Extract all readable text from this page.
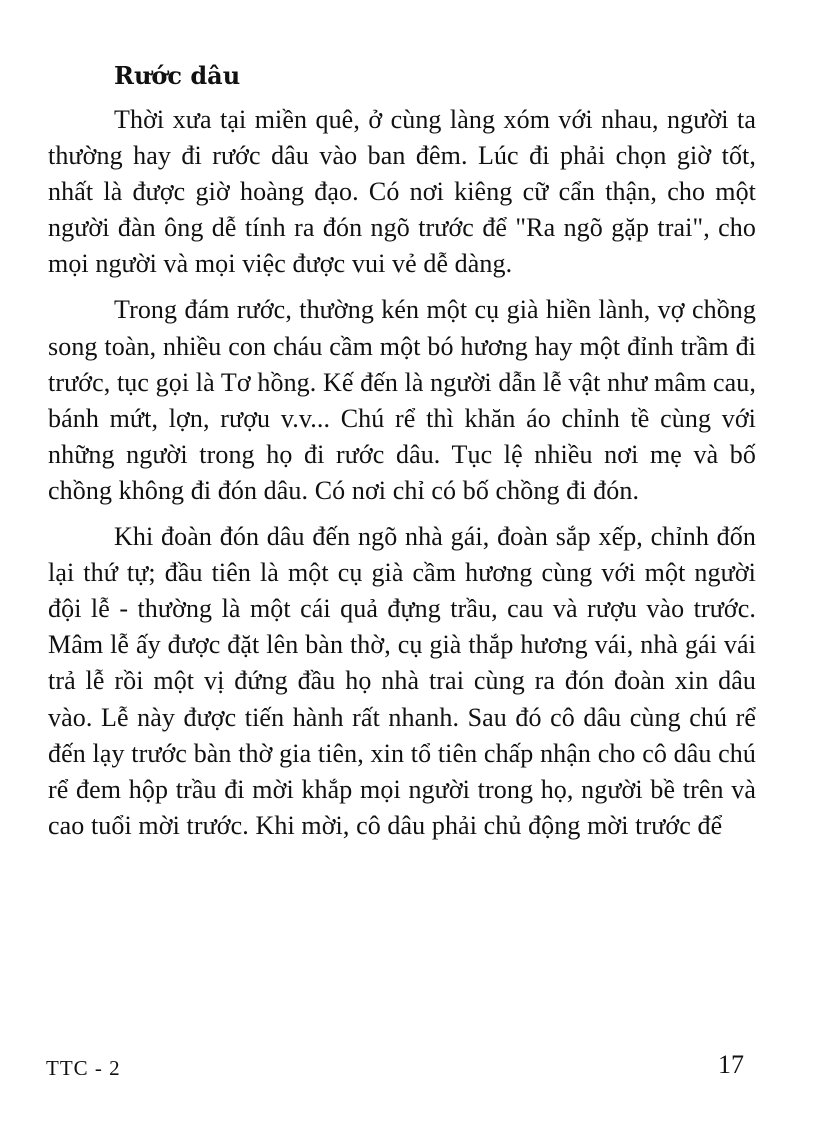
Rước dâu

Thời xưa tại miền quê, ở cùng làng xóm với nhau, người ta thường hay đi rước dâu vào ban đêm. Lúc đi phải chọn giờ tốt, nhất là được giờ hoàng đạo. Có nơi kiêng cữ cẩn thận, cho một người đàn ông dễ tính ra đón ngõ trước để "Ra ngõ gặp trai", cho mọi người và mọi việc được vui vẻ dễ dàng.

Trong đám rước, thường kén một cụ già hiền lành, vợ chồng song toàn, nhiều con cháu cầm một bó hương hay một đỉnh trầm đi trước, tục gọi là Tơ hồng. Kế đến là người dẫn lễ vật như mâm cau, bánh mứt, lợn, rượu v.v... Chú rể thì khăn áo chỉnh tề cùng với những người trong họ đi rước dâu. Tục lệ nhiều nơi mẹ và bố chồng không đi đón dâu. Có nơi chỉ có bố chồng đi đón.

Khi đoàn đón dâu đến ngõ nhà gái, đoàn sắp xếp, chỉnh đốn lại thứ tự; đầu tiên là một cụ già cầm hương cùng với một người đội lễ - thường là một cái quả đựng trầu, cau và rượu vào trước. Mâm lễ ấy được đặt lên bàn thờ, cụ già thắp hương vái, nhà gái vái trả lễ rồi một vị đứng đầu họ nhà trai cùng ra đón đoàn xin dâu vào. Lễ này được tiến hành rất nhanh. Sau đó cô dâu cùng chú rể đến lạy trước bàn thờ gia tiên, xin tổ tiên chấp nhận cho cô dâu chú rể đem hộp trầu đi mời khắp mọi người trong họ, người bề trên và cao tuổi mời trước. Khi mời, cô dâu phải chủ động mời trước để

TTC - 2	17
